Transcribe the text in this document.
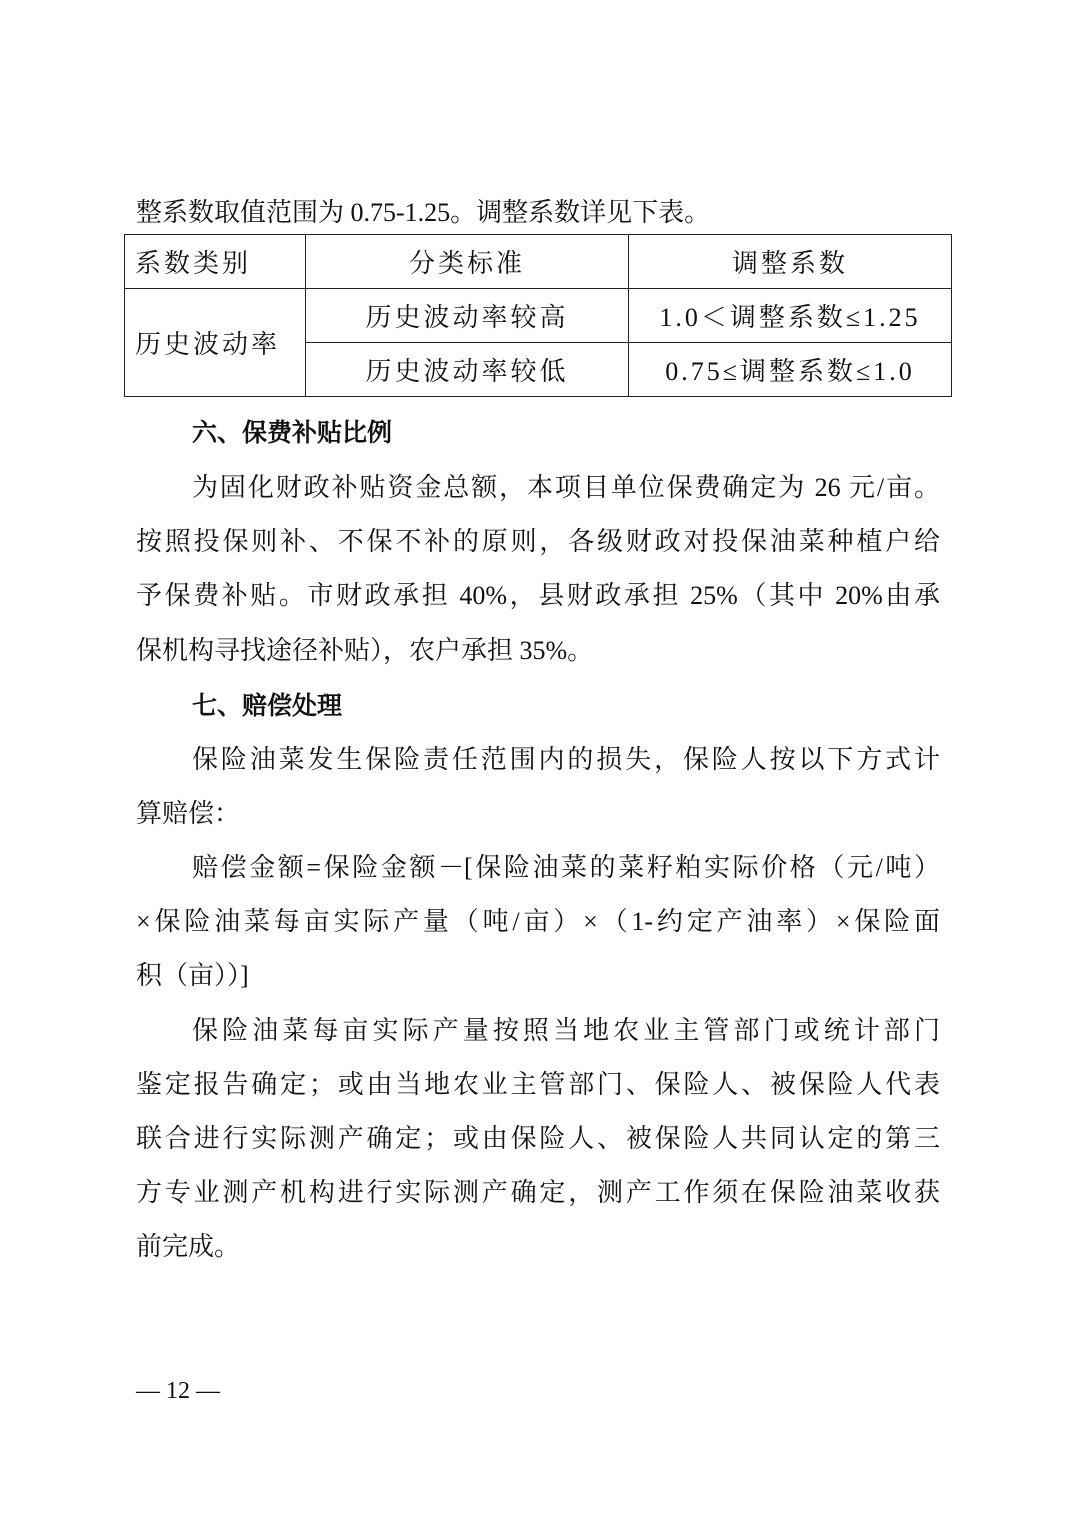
整系数取值范围为 0.75-1.25。调整系数详见下表。
系数类别	分类标准	调整系数
历史波动率	历史波动率较高	1.0＜调整系数≤1.25
	历史波动率较低	0.75≤调整系数≤1.0
六、保费补贴比例
为固化财政补贴资金总额，本项目单位保费确定为 26 元/亩。
按照投保则补、不保不补的原则，各级财政对投保油菜种植户给
予保费补贴。市财政承担 40%，县财政承担 25%（其中 20%由承
保机构寻找途径补贴），农户承担 35%。
七、赔偿处理
保险油菜发生保险责任范围内的损失，保险人按以下方式计
算赔偿：
赔偿金额=保险金额－[保险油菜的菜籽粕实际价格（元/吨）
×保险油菜每亩实际产量（吨/亩）×（1-约定产油率）×保险面
积（亩））]
保险油菜每亩实际产量按照当地农业主管部门或统计部门
鉴定报告确定；或由当地农业主管部门、保险人、被保险人代表
联合进行实际测产确定；或由保险人、被保险人共同认定的第三
方专业测产机构进行实际测产确定，测产工作须在保险油菜收获
前完成。
— 12 —
